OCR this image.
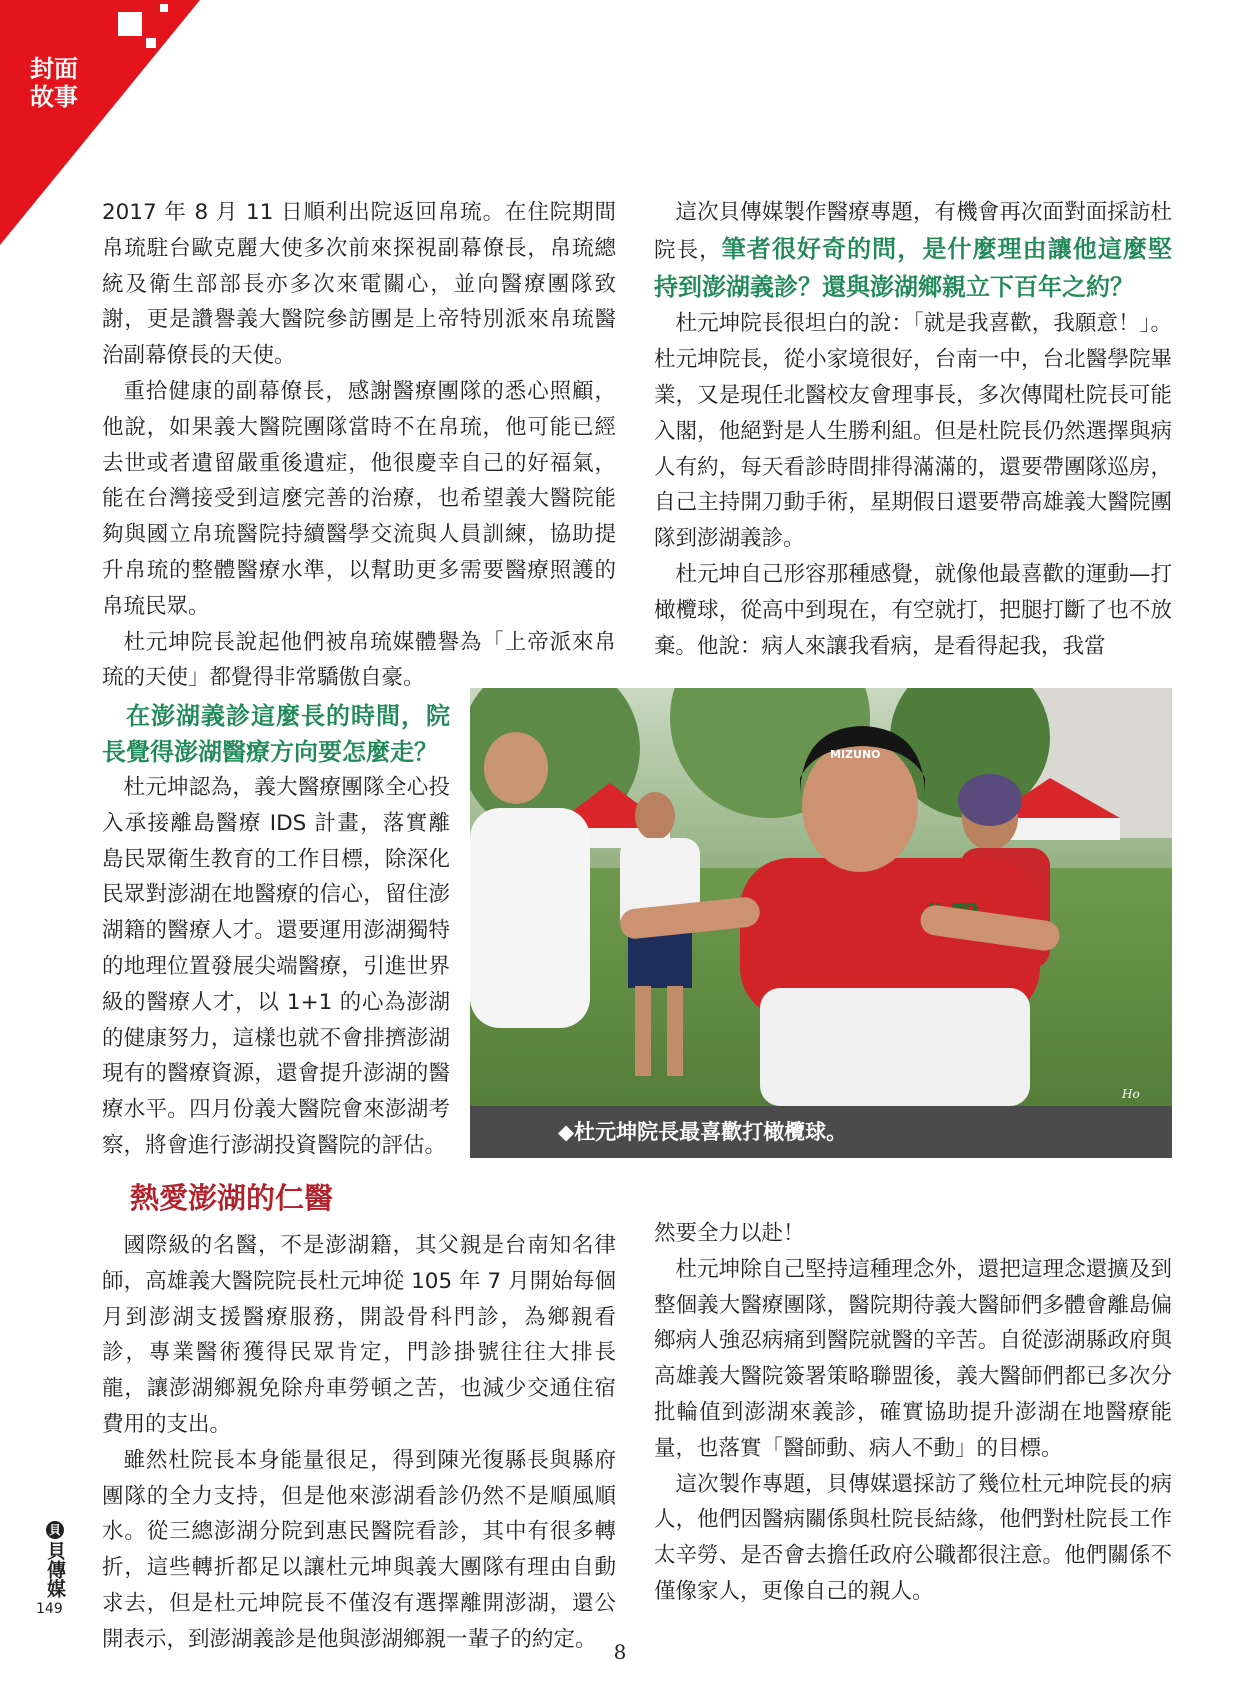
封面
故事

2017 年 8 月 11 日順利出院返回帛琉。在住院期間帛琉駐台歐克麗大使多次前來探視副幕僚長，帛琉總統及衛生部部長亦多次來電關心，並向醫療團隊致謝，更是讚譽義大醫院參訪團是上帝特別派來帛琉醫治副幕僚長的天使。

重拾健康的副幕僚長，感謝醫療團隊的悉心照顧，他說，如果義大醫院團隊當時不在帛琉，他可能已經去世或者遺留嚴重後遺症，他很慶幸自己的好福氣，能在台灣接受到這麼完善的治療，也希望義大醫院能夠與國立帛琉醫院持續醫學交流與人員訓練，協助提升帛琉的整體醫療水準，以幫助更多需要醫療照護的帛琉民眾。

杜元坤院長說起他們被帛琉媒體譽為「上帝派來帛琉的天使」都覺得非常驕傲自豪。

在澎湖義診這麼長的時間，院長覺得澎湖醫療方向要怎麼走？

杜元坤認為，義大醫療團隊全心投入承接離島醫療 IDS 計畫，落實離島民眾衛生教育的工作目標，除深化民眾對澎湖在地醫療的信心，留住澎湖籍的醫療人才。還要運用澎湖獨特的地理位置發展尖端醫療，引進世界級的醫療人才，以 1+1 的心為澎湖的健康努力，這樣也就不會排擠澎湖現有的醫療資源，還會提升澎湖的醫療水平。四月份義大醫院會來澎湖考察，將會進行澎湖投資醫院的評估。

熱愛澎湖的仁醫

國際級的名醫，不是澎湖籍，其父親是台南知名律師，高雄義大醫院院長杜元坤從 105 年 7 月開始每個月到澎湖支援醫療服務，開設骨科門診，為鄉親看診，專業醫術獲得民眾肯定，門診掛號往往大排長龍，讓澎湖鄉親免除舟車勞頓之苦，也減少交通住宿費用的支出。

雖然杜院長本身能量很足，得到陳光復縣長與縣府團隊的全力支持，但是他來澎湖看診仍然不是順風順水。從三總澎湖分院到惠民醫院看診，其中有很多轉折，這些轉折都足以讓杜元坤與義大團隊有理由自動求去，但是杜元坤院長不僅沒有選擇離開澎湖，還公開表示，到澎湖義診是他與澎湖鄉親一輩子的約定。

這次貝傳媒製作醫療專題，有機會再次面對面採訪杜院長，筆者很好奇的問，是什麼理由讓他這麼堅持到澎湖義診？還與澎湖鄉親立下百年之約？

杜元坤院長很坦白的說：「就是我喜歡，我願意！」。杜元坤院長，從小家境很好，台南一中，台北醫學院畢業，又是現任北醫校友會理事長，多次傳聞杜院長可能入閣，他絕對是人生勝利組。但是杜院長仍然選擇與病人有約，每天看診時間排得滿滿的，還要帶團隊巡房，自己主持開刀動手術，星期假日還要帶高雄義大醫院團隊到澎湖義診。

杜元坤自己形容那種感覺，就像他最喜歡的運動—打橄欖球，從高中到現在，有空就打，把腿打斷了也不放棄。他說：病人來讓我看病，是看得起我，我當

MIZUNO
Ho
◆杜元坤院長最喜歡打橄欖球。

然要全力以赴！

杜元坤除自己堅持這種理念外，還把這理念還擴及到整個義大醫療團隊，醫院期待義大醫師們多體會離島偏鄉病人強忍病痛到醫院就醫的辛苦。自從澎湖縣政府與高雄義大醫院簽署策略聯盟後，義大醫師們都已多次分批輪值到澎湖來義診，確實協助提升澎湖在地醫療能量，也落實「醫師動、病人不動」的目標。

這次製作專題，貝傳媒還採訪了幾位杜元坤院長的病人，他們因醫病關係與杜院長結緣，他們對杜院長工作太辛勞、是否會去擔任政府公職都很注意。他們關係不僅像家人，更像自己的親人。

貝
貝傳媒
149
8
